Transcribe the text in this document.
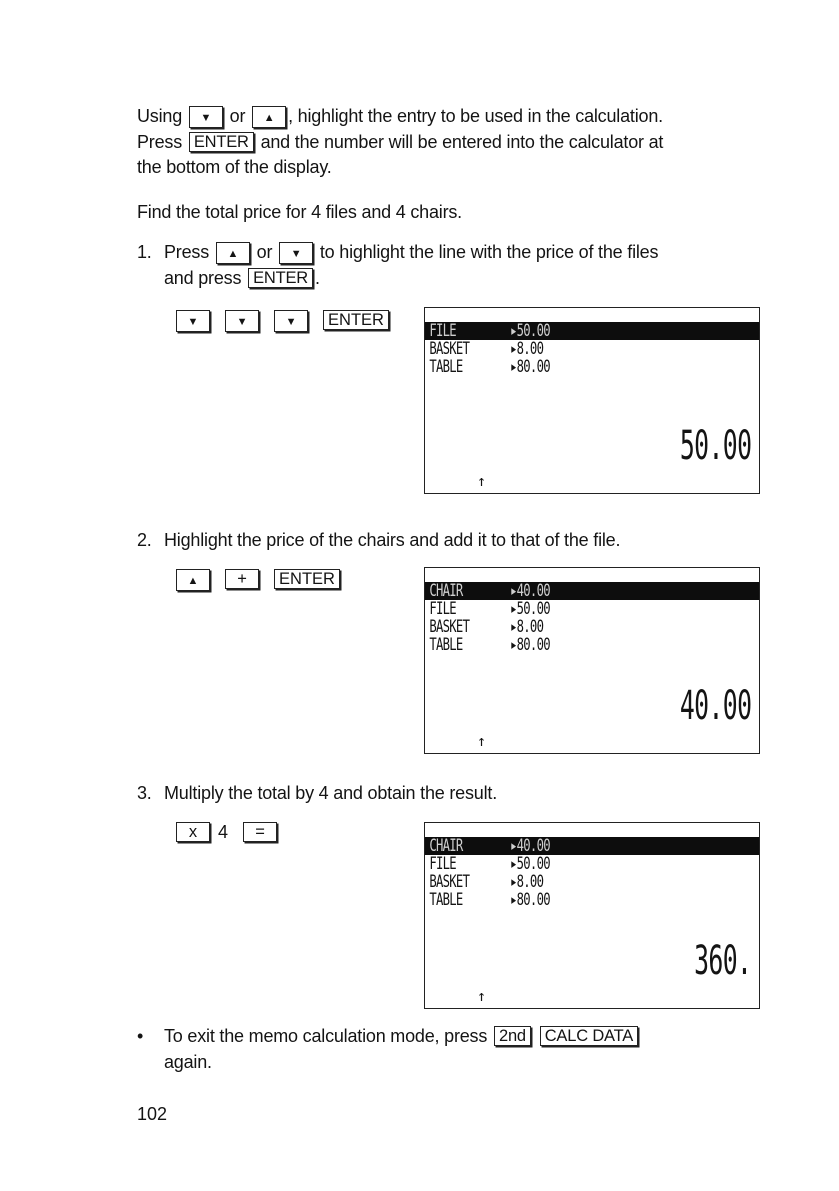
Using ▼ or ▲ , highlight the entry to be used in the calculation.
Press ENTER and the number will be entered into the calculator at
the bottom of the display.
Find the total price for 4 files and 4 chairs.
1. Press ▲ or ▼ to highlight the line with the price of the files
and press ENTER .
▼	▼	▼ ENTER
FILE	▸50.00
BASKET ▸8.00
TABLE	▸80.00
50.00
↑
2. Highlight the price of the chairs and add it to that of the file.
▲ + ENTER
CHAIR	▸40.00
FILE	▸50.00
BASKET ▸8.00
TABLE	▸80.00
40.00
↑
3. Multiply the total by 4 and obtain the result.
x 4 =
CHAIR	▸40.00
FILE	▸50.00
BASKET ▸8.00
TABLE	▸80.00
360.
↑
• To exit the memo calculation mode, press 2nd CALC DATA
again.
102
